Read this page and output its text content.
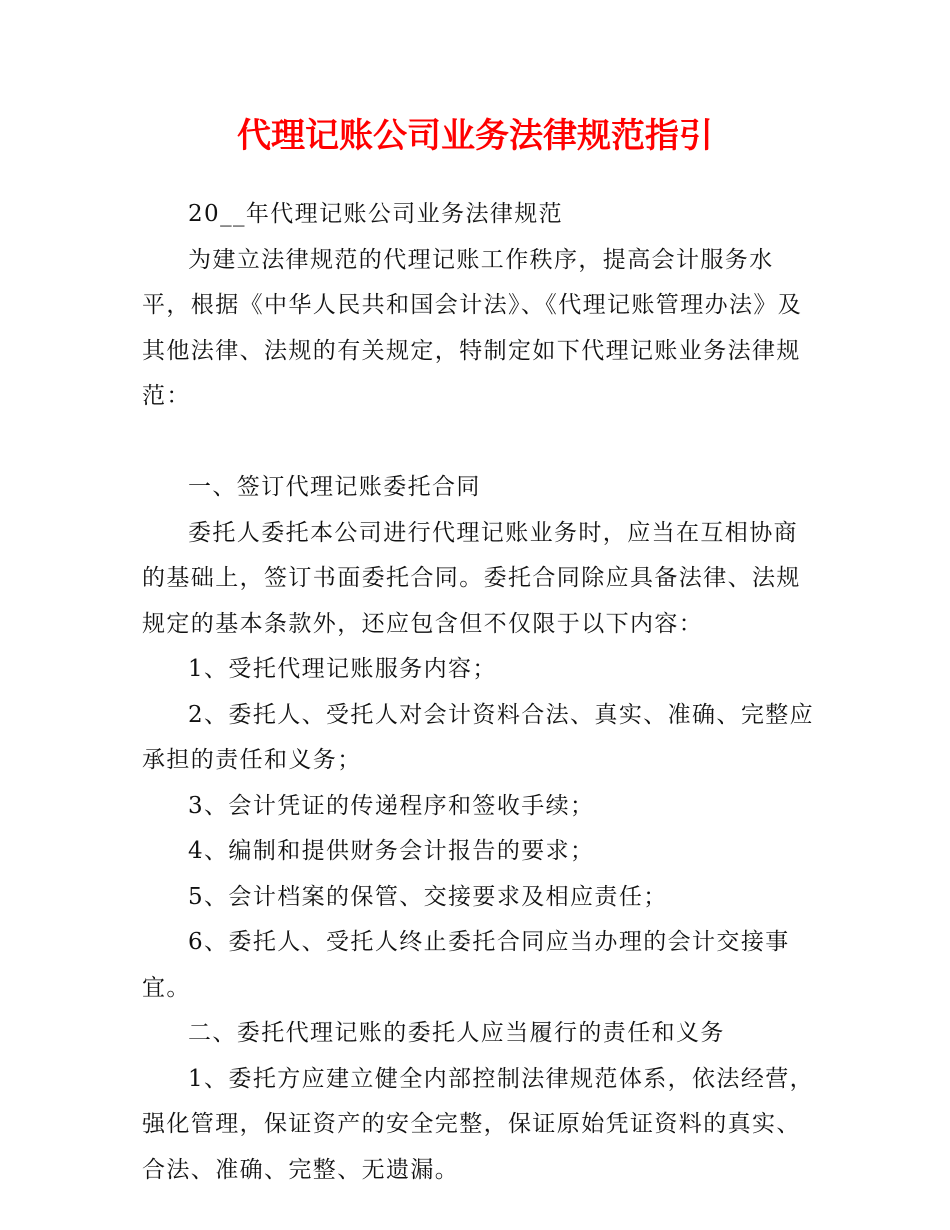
代理记账公司业务法律规范指引

20__年代理记账公司业务法律规范

为建立法律规范的代理记账工作秩序，提高会计服务水平，根据《中华人民共和国会计法》、《代理记账管理办法》及其他法律、法规的有关规定，特制定如下代理记账业务法律规范：

一、签订代理记账委托合同

委托人委托本公司进行代理记账业务时，应当在互相协商的基础上，签订书面委托合同。委托合同除应具备法律、法规规定的基本条款外，还应包含但不仅限于以下内容：

1、受托代理记账服务内容；

2、委托人、受托人对会计资料合法、真实、准确、完整应承担的责任和义务；

3、会计凭证的传递程序和签收手续；

4、编制和提供财务会计报告的要求；

5、会计档案的保管、交接要求及相应责任；

6、委托人、受托人终止委托合同应当办理的会计交接事宜。

二、委托代理记账的委托人应当履行的责任和义务

1、委托方应建立健全内部控制法律规范体系，依法经营，强化管理，保证资产的安全完整，保证原始凭证资料的真实、合法、准确、完整、无遗漏。
